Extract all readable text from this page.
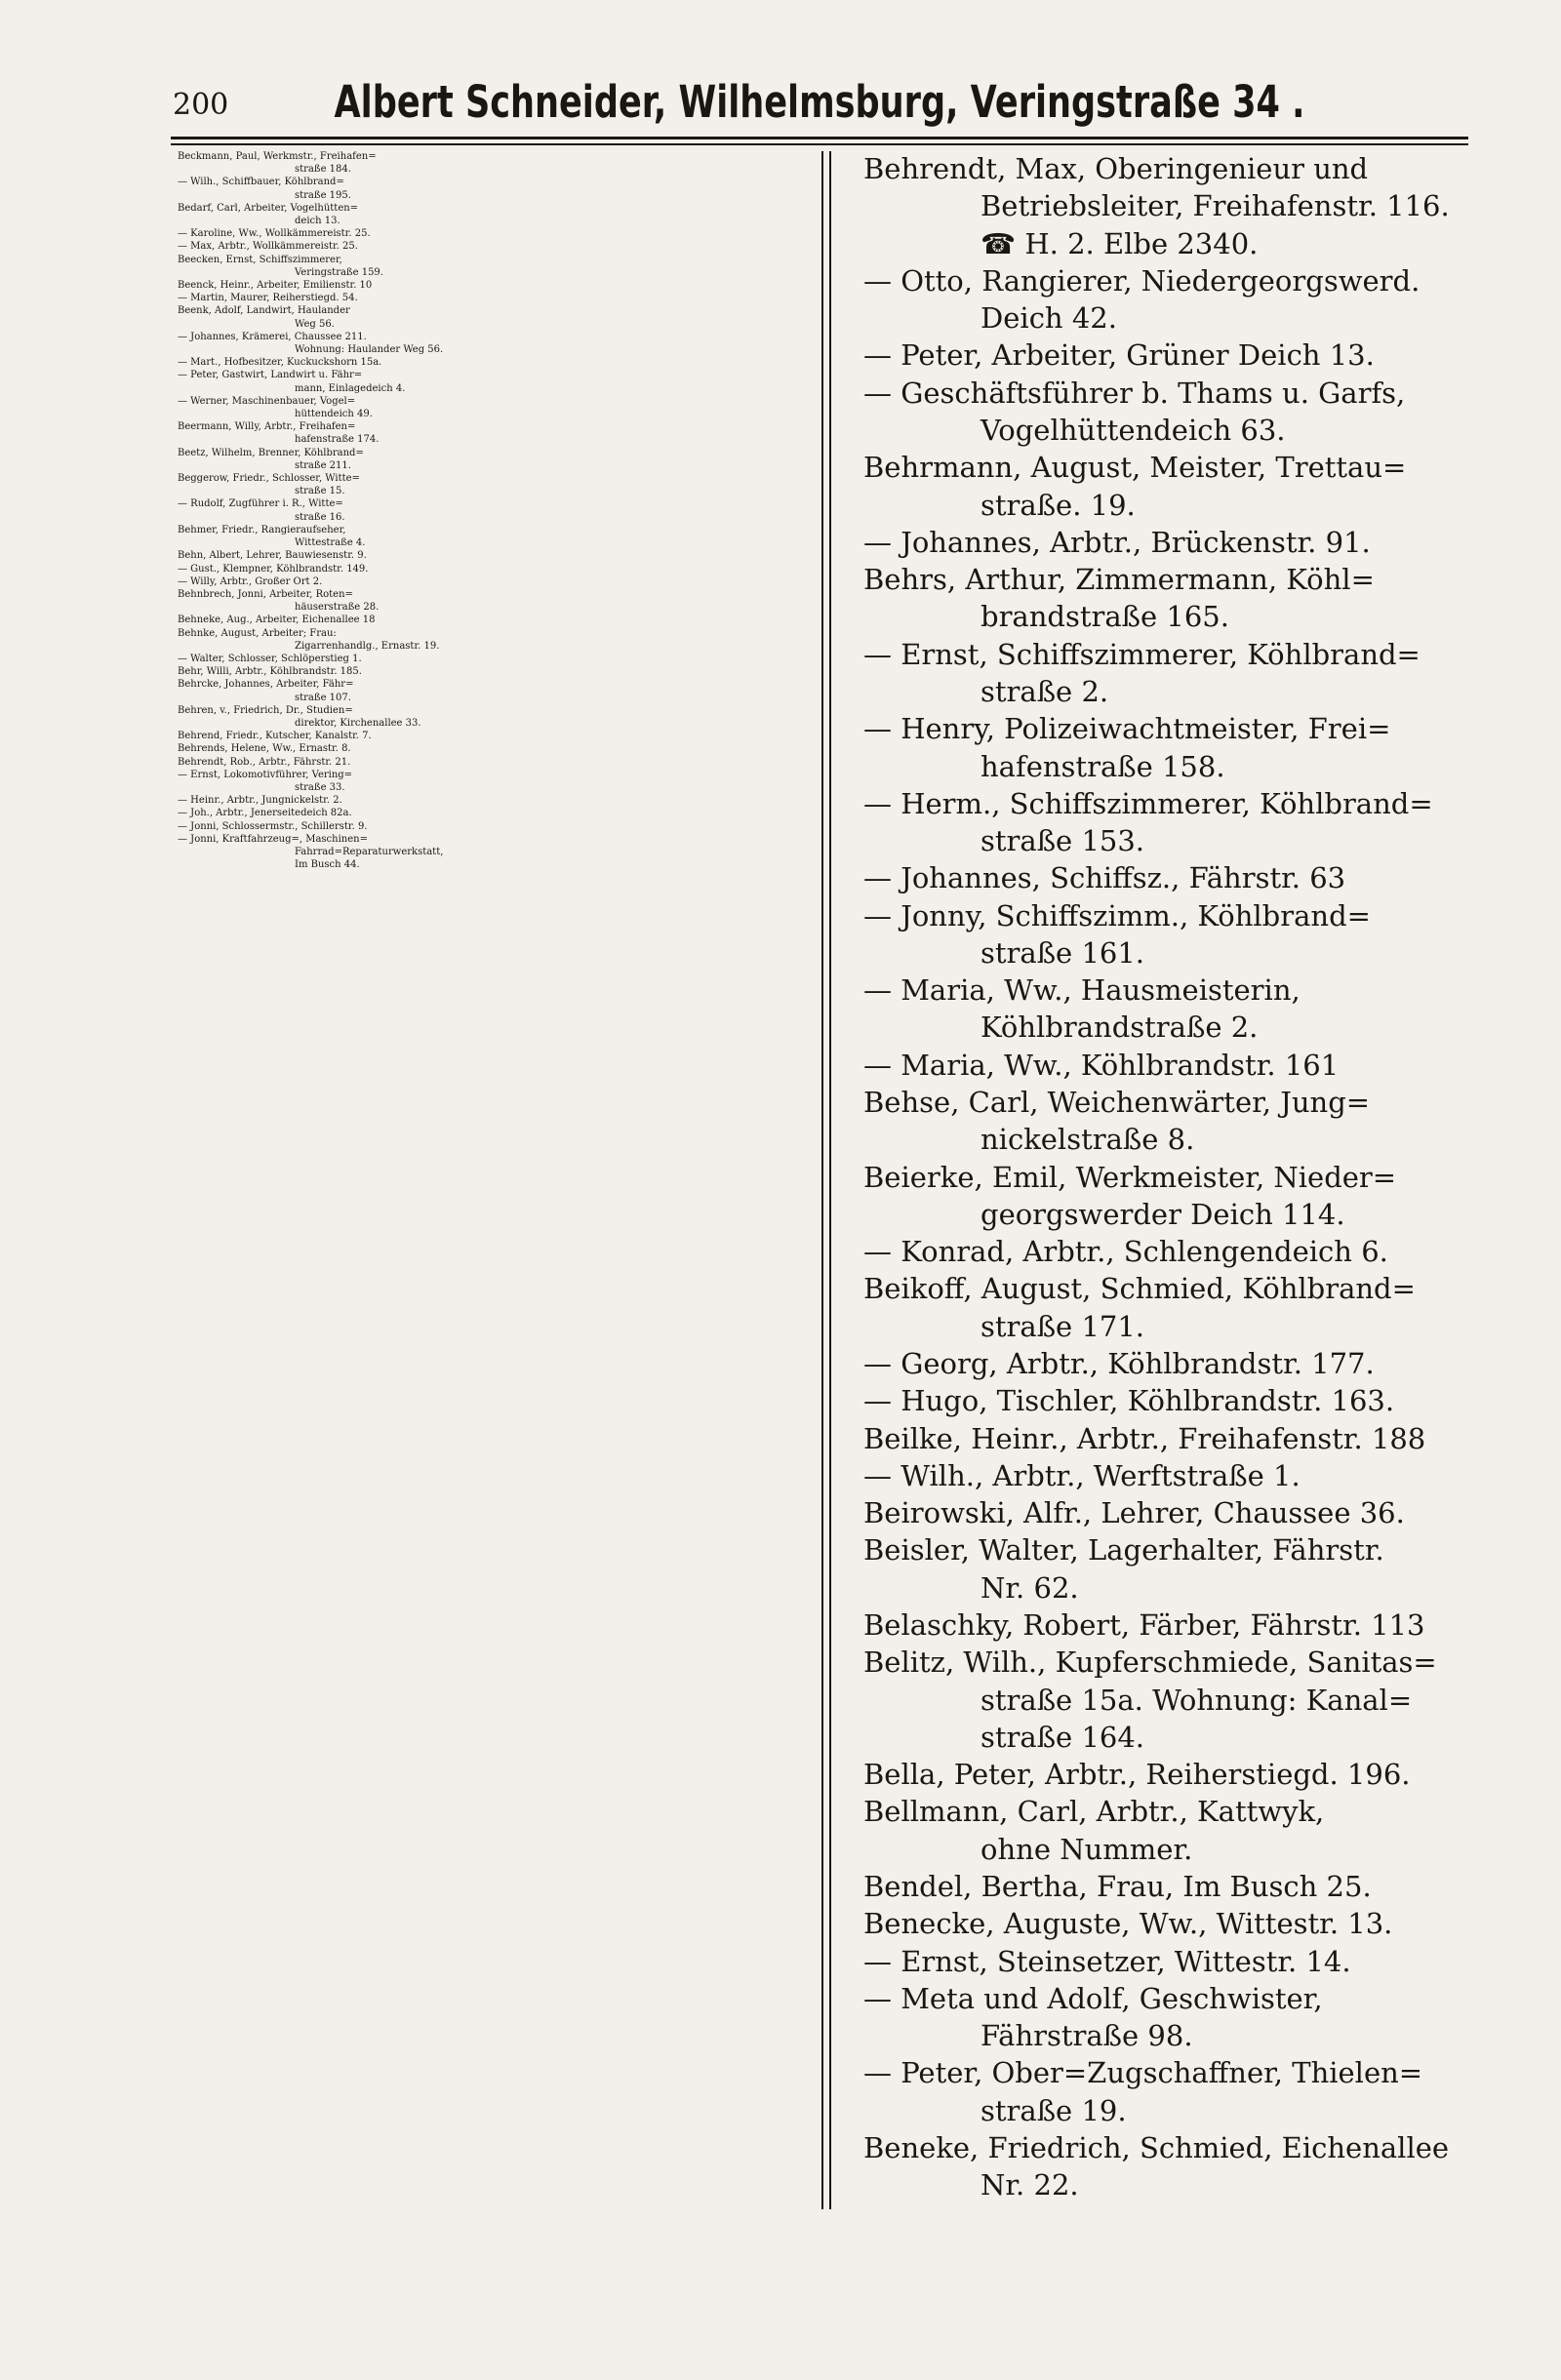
200	Albert Schneider, Wilhelmsburg, Veringstraße 34 .
Beckmann, Paul, Werkmstr., Freihafen=
straße 184.
— Wilh., Schiffbauer, Köhlbrand=
straße 195.
Bedarf, Carl, Arbeiter, Vogelhütten=
deich 13.
— Karoline, Ww., Wollkämmereistr. 25.
— Max, Arbtr., Wollkämmereistr. 25.
Beecken, Ernst, Schiffszimmerer,
Veringstraße 159.
Beenck, Heinr., Arbeiter, Emilienstr. 10
— Martin, Maurer, Reiherstiegd. 54.
Beenk, Adolf, Landwirt, Haulander
Weg 56.
— Johannes, Krämerei, Chaussee 211.
Wohnung: Haulander Weg 56.
— Mart., Hofbesitzer, Kuckuckshorn 15a.
— Peter, Gastwirt, Landwirt u. Fähr=
mann, Einlagedeich 4.
— Werner, Maschinenbauer, Vogel=
hüttendeich 49.
Beermann, Willy, Arbtr., Freihafen=
hafenstraße 174.
Beetz, Wilhelm, Brenner, Köhlbrand=
straße 211.
Beggerow, Friedr., Schlosser, Witte=
straße 15.
— Rudolf, Zugführer i. R., Witte=
straße 16.
Behmer, Friedr., Rangieraufseher,
Wittestraße 4.
Behn, Albert, Lehrer, Bauwiesenstr. 9.
— Gust., Klempner, Köhlbrandstr. 149.
— Willy, Arbtr., Großer Ort 2.
Behnbrech, Jonni, Arbeiter, Roten=
häuserstraße 28.
Behneke, Aug., Arbeiter, Eichenallee 18
Behnke, August, Arbeiter; Frau:
Zigarrenhandlg., Ernastr. 19.
— Walter, Schlosser, Schlöperstieg 1.
Behr, Willi, Arbtr., Köhlbrandstr. 185.
Behrcke, Johannes, Arbeiter, Fähr=
straße 107.
Behren, v., Friedrich, Dr., Studien=
direktor, Kirchenallee 33.
Behrend, Friedr., Kutscher, Kanalstr. 7.
Behrends, Helene, Ww., Ernastr. 8.
Behrendt, Rob., Arbtr., Fährstr. 21.
— Ernst, Lokomotivführer, Vering=
straße 33.
— Heinr., Arbtr., Jungnickelstr. 2.
— Joh., Arbtr., Jenerseitedeich 82a.
— Jonni, Schlossermstr., Schillerstr. 9.
— Jonni, Kraftfahrzeug=, Maschinen=
Fahrrad=Reparaturwerkstatt,
Im Busch 44.
Behrendt, Max, Oberingenieur und
Betriebsleiter, Freihafenstr. 116.
☎ H. 2. Elbe 2340.
— Otto, Rangierer, Niedergeorgswerd.
Deich 42.
— Peter, Arbeiter, Grüner Deich 13.
— Geschäftsführer b. Thams u. Garfs,
Vogelhüttendeich 63.
Behrmann, August, Meister, Trettau=
straße. 19.
— Johannes, Arbtr., Brückenstr. 91.
Behrs, Arthur, Zimmermann, Köhl=
brandstraße 165.
— Ernst, Schiffszimmerer, Köhlbrand=
straße 2.
— Henry, Polizeiwachtmeister, Frei=
hafenstraße 158.
— Herm., Schiffszimmerer, Köhlbrand=
straße 153.
— Johannes, Schiffsz., Fährstr. 63
— Jonny, Schiffszimm., Köhlbrand=
straße 161.
— Maria, Ww., Hausmeisterin,
Köhlbrandstraße 2.
— Maria, Ww., Köhlbrandstr. 161
Behse, Carl, Weichenwärter, Jung=
nickelstraße 8.
Beierke, Emil, Werkmeister, Nieder=
georgswerder Deich 114.
— Konrad, Arbtr., Schlengendeich 6.
Beikoff, August, Schmied, Köhlbrand=
straße 171.
— Georg, Arbtr., Köhlbrandstr. 177.
— Hugo, Tischler, Köhlbrandstr. 163.
Beilke, Heinr., Arbtr., Freihafenstr. 188
— Wilh., Arbtr., Werftstraße 1.
Beirowski, Alfr., Lehrer, Chaussee 36.
Beisler, Walter, Lagerhalter, Fährstr.
Nr. 62.
Belaschky, Robert, Färber, Fährstr. 113
Belitz, Wilh., Kupferschmiede, Sanitas=
straße 15a. Wohnung: Kanal=
straße 164.
Bella, Peter, Arbtr., Reiherstiegd. 196.
Bellmann, Carl, Arbtr., Kattwyk,
ohne Nummer.
Bendel, Bertha, Frau, Im Busch 25.
Benecke, Auguste, Ww., Wittestr. 13.
— Ernst, Steinsetzer, Wittestr. 14.
— Meta und Adolf, Geschwister,
Fährstraße 98.
— Peter, Ober=Zugschaffner, Thielen=
straße 19.
Beneke, Friedrich, Schmied, Eichenallee
Nr. 22.
